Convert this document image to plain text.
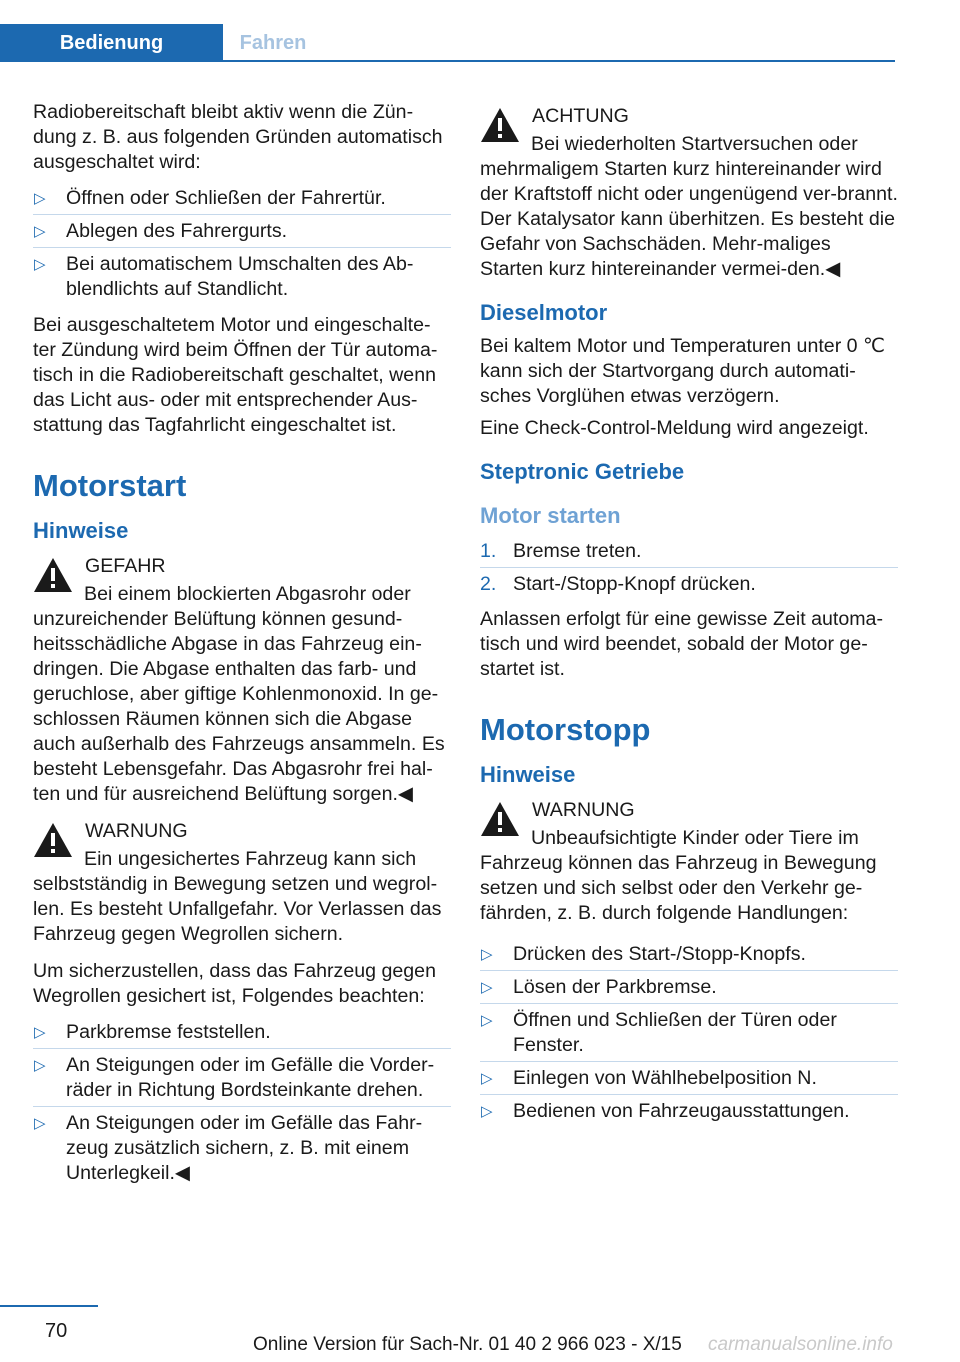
Bedienung	Fahren

Radiobereitschaft bleibt aktiv wenn die Zün‐dung z. B. aus folgenden Gründen automatisch ausgeschaltet wird:

▷ Öffnen oder Schließen der Fahrertür.
▷ Ablegen des Fahrergurts.
▷ Bei automatischem Umschalten des Ab‐blendlichts auf Standlicht.

Bei ausgeschaltetem Motor und eingeschalte‐ter Zündung wird beim Öffnen der Tür automa‐tisch in die Radiobereitschaft geschaltet, wenn das Licht aus- oder mit entsprechender Aus‐stattung das Tagfahrlicht eingeschaltet ist.

Motorstart
Hinweise
GEFAHR
Bei einem blockierten Abgasrohr oder unzureichender Belüftung können gesund‐heitsschädliche Abgase in das Fahrzeug ein‐dringen. Die Abgase enthalten das farb- und geruchlose, aber giftige Kohlenmonoxid. In ge‐schlossen Räumen können sich die Abgase auch außerhalb des Fahrzeugs ansammeln. Es besteht Lebensgefahr. Das Abgasrohr frei hal‐ten und für ausreichend Belüftung sorgen.◀
WARNUNG
Ein ungesichertes Fahrzeug kann sich selbstständig in Bewegung setzen und wegrol‐len. Es besteht Unfallgefahr. Vor Verlassen das Fahrzeug gegen Wegrollen sichern.

Um sicherzustellen, dass das Fahrzeug gegen Wegrollen gesichert ist, Folgendes beachten:

▷ Parkbremse feststellen.
▷ An Steigungen oder im Gefälle die Vorder‐räder in Richtung Bordsteinkante drehen.
▷ An Steigungen oder im Gefälle das Fahr‐zeug zusätzlich sichern, z. B. mit einem Unterlegkeil.◀
ACHTUNG
Bei wiederholten Startversuchen oder mehrmaligem Starten kurz hintereinander wird der Kraftstoff nicht oder ungenügend ver‐brannt. Der Katalysator kann überhitzen. Es besteht die Gefahr von Sachschäden. Mehr‐maliges Starten kurz hintereinander vermei‐den.◀
Dieselmotor

Bei kaltem Motor und Temperaturen unter 0 ℃ kann sich der Startvorgang durch automati‐sches Vorglühen etwas verzögern.

Eine Check-Control-Meldung wird angezeigt.

Steptronic Getriebe
Motor starten
1. Bremse treten.
2. Start-/Stopp-Knopf drücken.

Anlassen erfolgt für eine gewisse Zeit automa‐tisch und wird beendet, sobald der Motor ge‐startet ist.

Motorstopp
Hinweise
WARNUNG
Unbeaufsichtigte Kinder oder Tiere im Fahrzeug können das Fahrzeug in Bewegung setzen und sich selbst oder den Verkehr ge‐fährden, z. B. durch folgende Handlungen:
▷ Drücken des Start-/Stopp-Knopfs.
▷ Lösen der Parkbremse.
▷ Öffnen und Schließen der Türen oder Fenster.
▷ Einlegen von Wählhebelposition N.
▷ Bedienen von Fahrzeugausstattungen.
70
Online Version für Sach-Nr. 01 40 2 966 023 - X/15 carmanualsonline.info
